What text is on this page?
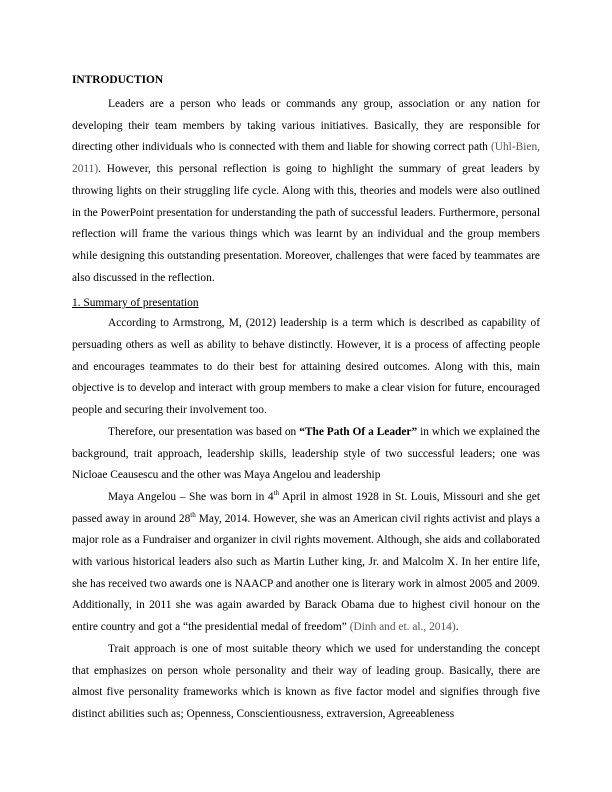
INTRODUCTION

Leaders are a person who leads or commands any group, association or any nation for developing their team members by taking various initiatives. Basically, they are responsible for directing other individuals who is connected with them and liable for showing correct path (Uhl-Bien, 2011). However, this personal reflection is going to highlight the summary of great leaders by throwing lights on their struggling life cycle. Along with this, theories and models were also outlined in the PowerPoint presentation for understanding the path of successful leaders. Furthermore, personal reflection will frame the various things which was learnt by an individual and the group members while designing this outstanding presentation. Moreover, challenges that were faced by teammates are also discussed in the reflection.

1. Summary of presentation

According to Armstrong, M, (2012) leadership is a term which is described as capability of persuading others as well as ability to behave distinctly. However, it is a process of affecting people and encourages teammates to do their best for attaining desired outcomes. Along with this, main objective is to develop and interact with group members to make a clear vision for future, encouraged people and securing their involvement too.

Therefore, our presentation was based on “The Path Of a Leader” in which we explained the background, trait approach, leadership skills, leadership style of two successful leaders; one was Nicloae Ceausescu and the other was Maya Angelou and leadership

Maya Angelou – She was born in 4th April in almost 1928 in St. Louis, Missouri and she get passed away in around 28th May, 2014. However, she was an American civil rights activist and plays a major role as a Fundraiser and organizer in civil rights movement. Although, she aids and collaborated with various historical leaders also such as Martin Luther king, Jr. and Malcolm X. In her entire life, she has received two awards one is NAACP and another one is literary work in almost 2005 and 2009. Additionally, in 2011 she was again awarded by Barack Obama due to highest civil honour on the entire country and got a “the presidential medal of freedom” (Dinh and et. al., 2014).

Trait approach is one of most suitable theory which we used for understanding the concept that emphasizes on person whole personality and their way of leading group. Basically, there are almost five personality frameworks which is known as five factor model and signifies through five distinct abilities such as; Openness, Conscientiousness, extraversion, Agreeableness
